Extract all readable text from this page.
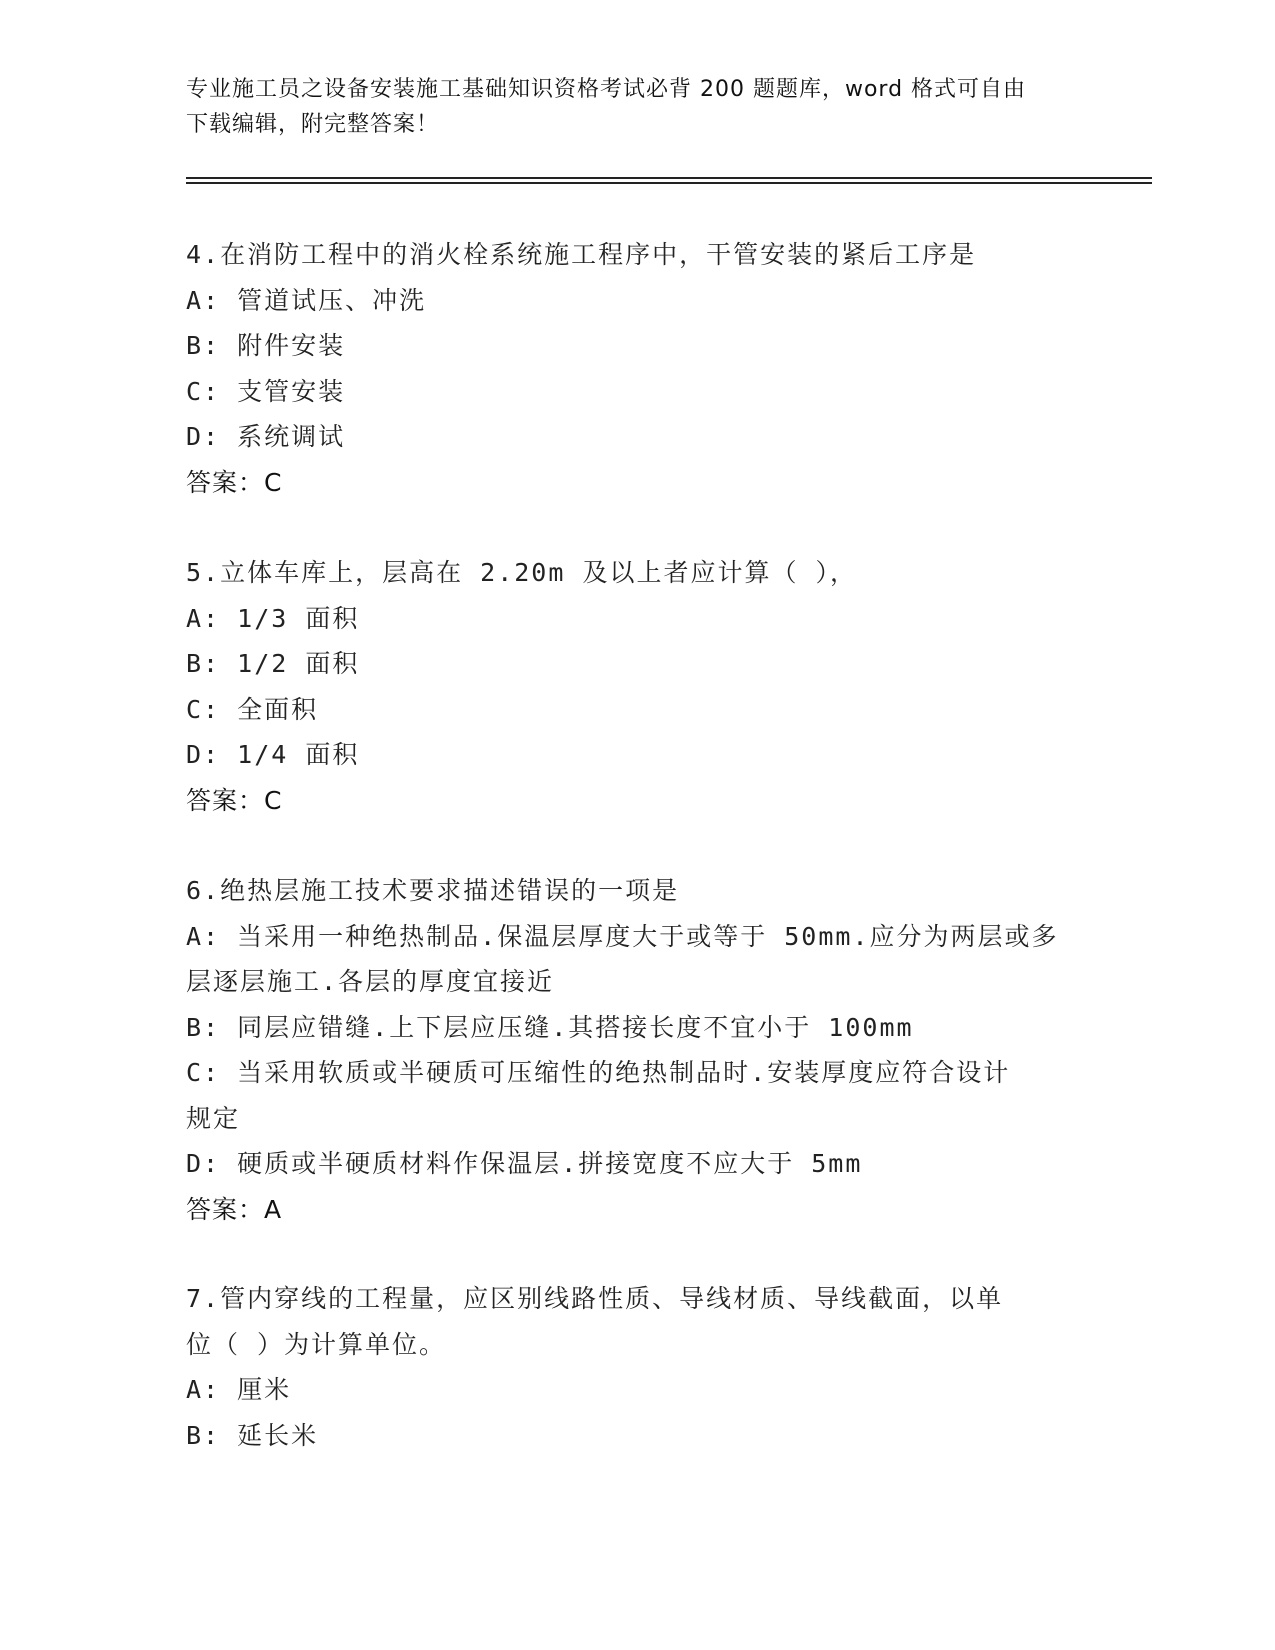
专业施工员之设备安装施工基础知识资格考试必背 200 题题库，word 格式可自由
下载编辑，附完整答案！
4.在消防工程中的消火栓系统施工程序中，干管安装的紧后工序是
A: 管道试压、冲洗
B: 附件安装
C: 支管安装
D: 系统调试
答案：C
5.立体车库上，层高在 2.20m 及以上者应计算（ ），
A: 1/3 面积
B: 1/2 面积
C: 全面积
D: 1/4 面积
答案：C
6.绝热层施工技术要求描述错误的一项是
A: 当采用一种绝热制品.保温层厚度大于或等于 50mm.应分为两层或多
层逐层施工.各层的厚度宜接近
B: 同层应错缝.上下层应压缝.其搭接长度不宜小于 100mm
C: 当采用软质或半硬质可压缩性的绝热制品时.安装厚度应符合设计
规定
D: 硬质或半硬质材料作保温层.拼接宽度不应大于 5mm
答案：A
7.管内穿线的工程量，应区别线路性质、导线材质、导线截面，以单
位（ ）为计算单位。
A: 厘米
B: 延长米
